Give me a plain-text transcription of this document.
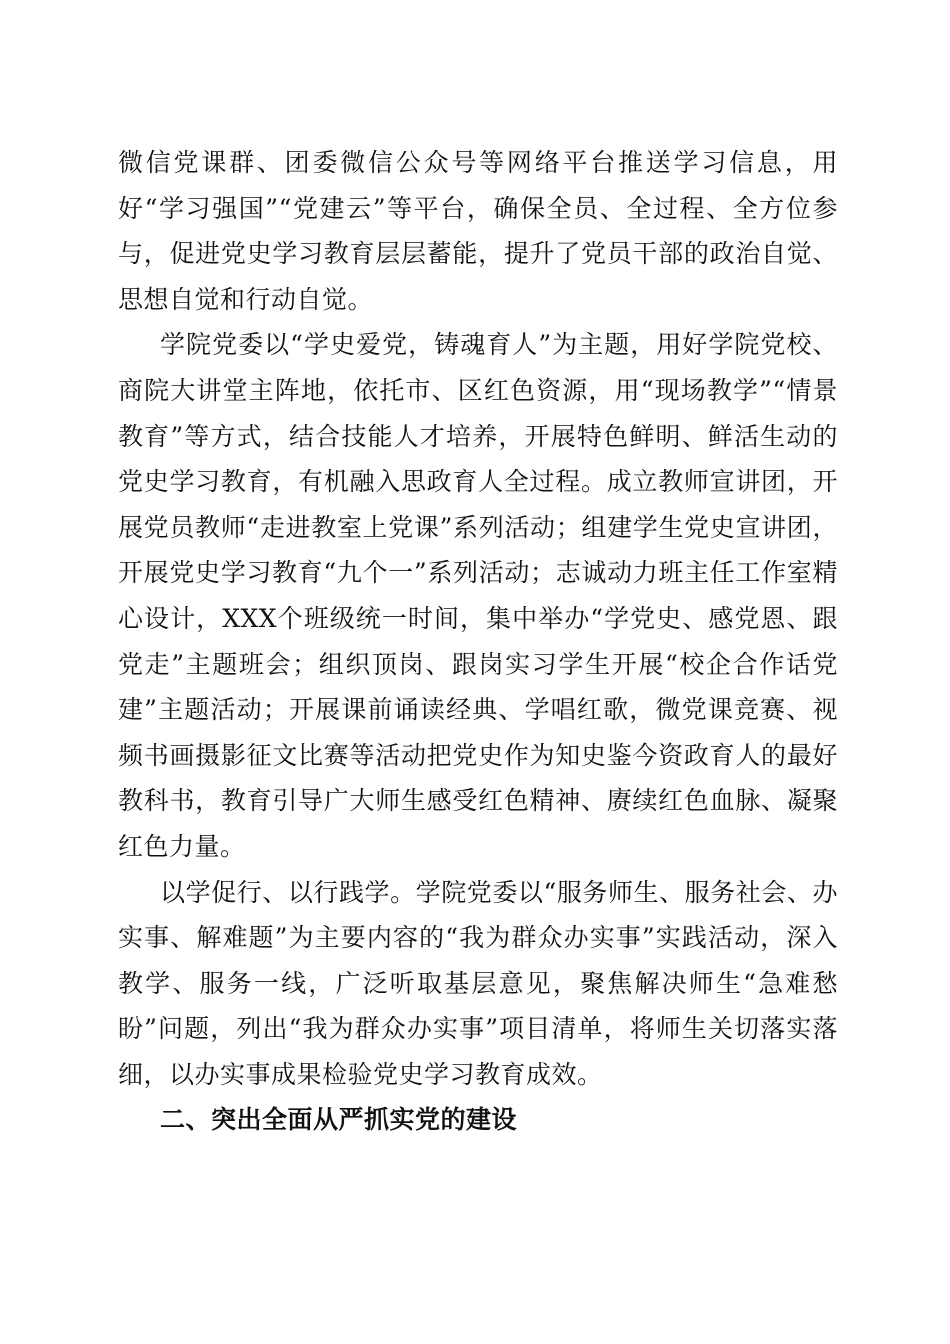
微信党课群、团委微信公众号等网络平台推送学习信息，用好“学习强国”“党建云”等平台，确保全员、全过程、全方位参与，促进党史学习教育层层蓄能，提升了党员干部的政治自觉、思想自觉和行动自觉。

学院党委以“学史爱党，铸魂育人”为主题，用好学院党校、商院大讲堂主阵地，依托市、区红色资源，用“现场教学”“情景教育”等方式，结合技能人才培养，开展特色鲜明、鲜活生动的党史学习教育，有机融入思政育人全过程。成立教师宣讲团，开展党员教师“走进教室上党课”系列活动；组建学生党史宣讲团，开展党史学习教育“九个一”系列活动；志诚动力班主任工作室精心设计，XXX个班级统一时间，集中举办“学党史、感党恩、跟党走”主题班会；组织顶岗、跟岗实习学生开展“校企合作话党建”主题活动；开展课前诵读经典、学唱红歌，微党课竞赛、视频书画摄影征文比赛等活动把党史作为知史鉴今资政育人的最好教科书，教育引导广大师生感受红色精神、赓续红色血脉、凝聚红色力量。

以学促行、以行践学。学院党委以“服务师生、服务社会、办实事、解难题”为主要内容的“我为群众办实事”实践活动，深入教学、服务一线，广泛听取基层意见，聚焦解决师生“急难愁盼”问题，列出“我为群众办实事”项目清单，将师生关切落实落细，以办实事成果检验党史学习教育成效。

二、突出全面从严抓实党的建设
